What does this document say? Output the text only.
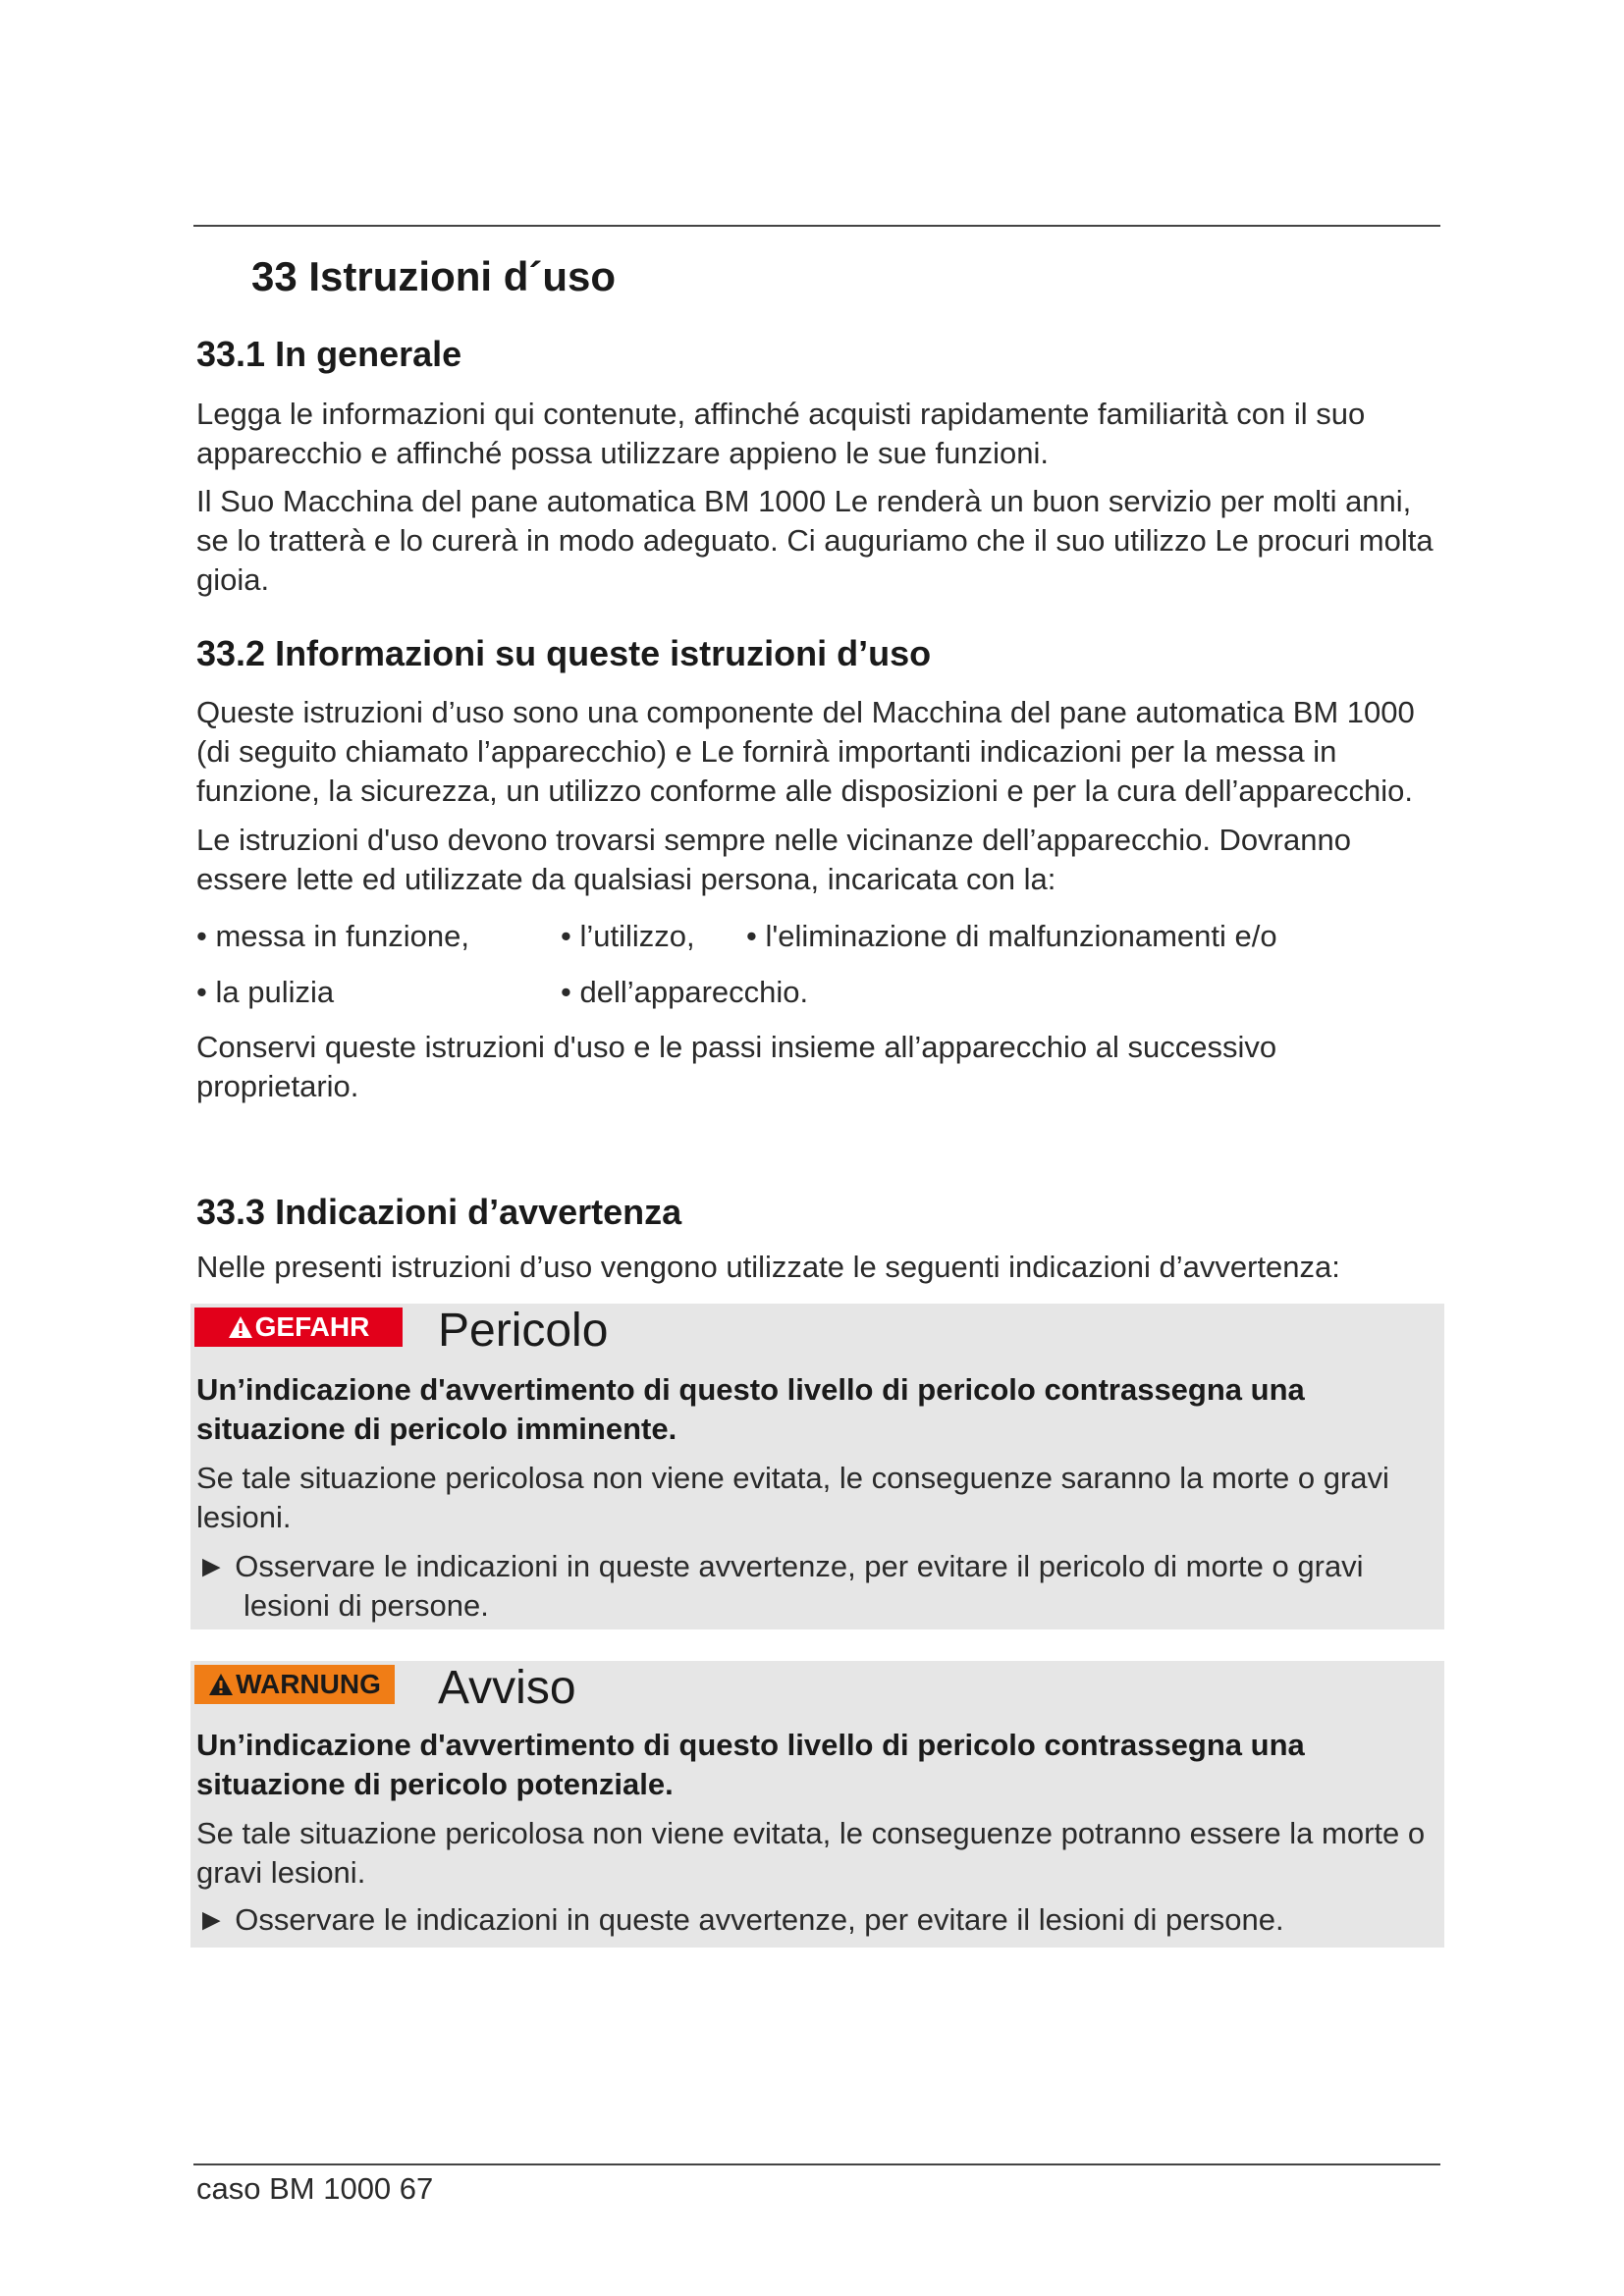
33 Istruzioni d´uso
33.1 In generale

Legga le informazioni qui contenute, affinché acquisti rapidamente familiarità con il suo apparecchio e affinché possa utilizzare appieno le sue funzioni.

Il Suo Macchina del pane automatica BM 1000 Le renderà un buon servizio per molti anni, se lo tratterà e lo curerà in modo adeguato. Ci auguriamo che il suo utilizzo Le procuri molta gioia.

33.2 Informazioni su queste istruzioni d’uso

Queste istruzioni d’uso sono una componente del Macchina del pane automatica BM 1000 (di seguito chiamato l’apparecchio) e Le fornirà importanti indicazioni per la messa in funzione, la sicurezza, un utilizzo conforme alle disposizioni e per la cura dell’apparecchio.

Le istruzioni d'uso devono trovarsi sempre nelle vicinanze dell’apparecchio. Dovranno essere lette ed utilizzate da qualsiasi persona, incaricata con la:

• messa in funzione,	• l’utilizzo, • l'eliminazione di malfunzionamenti e/o
• la pulizia	• dell’apparecchio.

Conservi queste istruzioni d'uso e le passi insieme all’apparecchio al successivo proprietario.

33.3 Indicazioni d’avvertenza

Nelle presenti istruzioni d’uso vengono utilizzate le seguenti indicazioni d’avvertenza:

GEFAHR	Pericolo

Un’indicazione d'avvertimento di questo livello di pericolo contrassegna una situazione di pericolo imminente.

Se tale situazione pericolosa non viene evitata, le conseguenze saranno la morte o gravi lesioni.

► Osservare le indicazioni in queste avvertenze, per evitare il pericolo di morte o gravi lesioni di persone.

WARNUNG Avviso

Un’indicazione d'avvertimento di questo livello di pericolo contrassegna una situazione di pericolo potenziale.

Se tale situazione pericolosa non viene evitata, le conseguenze potranno essere la morte o gravi lesioni.

► Osservare le indicazioni in queste avvertenze, per evitare il lesioni di persone.

caso BM 1000 67
